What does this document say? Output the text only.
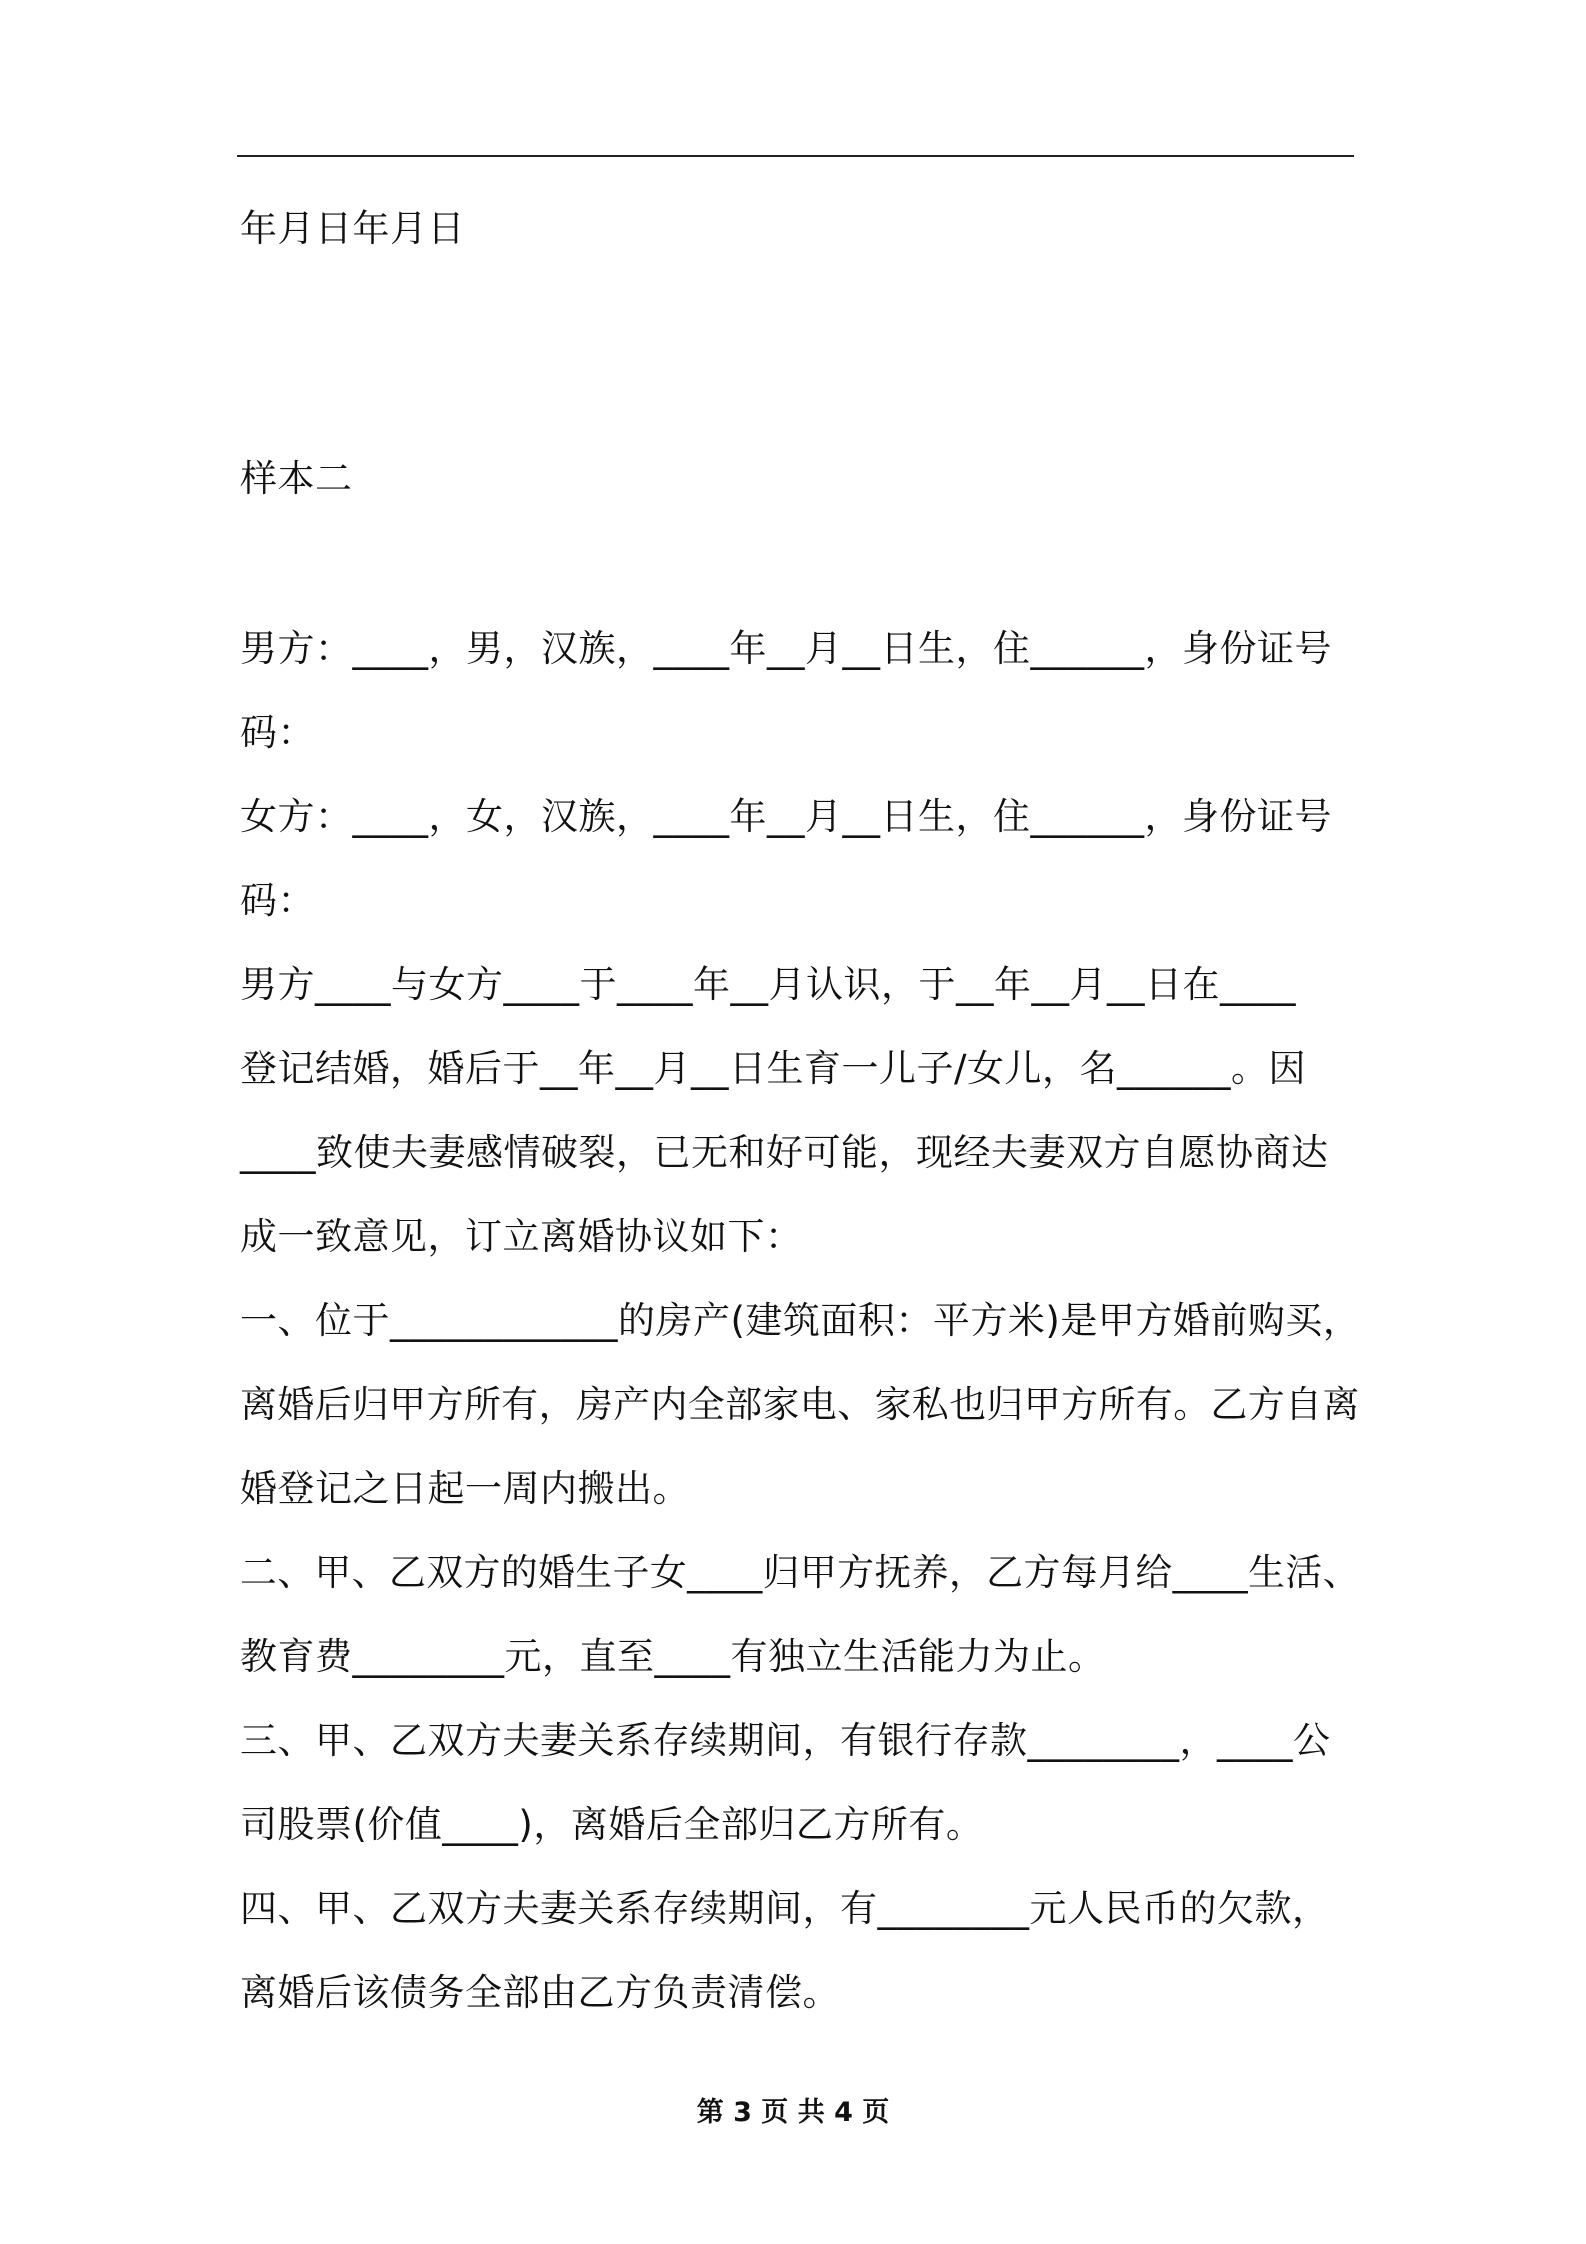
年月日年月日
样本二
男方：____，男，汉族，____年__月__日生，住______，身份证号
码：
女方：____，女，汉族，____年__月__日生，住______，身份证号
码：
男方____与女方____于____年__月认识，于__年__月__日在____
登记结婚，婚后于__年__月__日生育一儿子/女儿，名______。因
____致使夫妻感情破裂，已无和好可能，现经夫妻双方自愿协商达
成一致意见，订立离婚协议如下：
一、位于____________的房产(建筑面积：平方米)是甲方婚前购买，
离婚后归甲方所有，房产内全部家电、家私也归甲方所有。乙方自离
婚登记之日起一周内搬出。
二、甲、乙双方的婚生子女____归甲方抚养，乙方每月给____生活、
教育费________元，直至____有独立生活能力为止。
三、甲、乙双方夫妻关系存续期间，有银行存款________，____公
司股票(价值____)，离婚后全部归乙方所有。
四、甲、乙双方夫妻关系存续期间，有________元人民币的欠款，
离婚后该债务全部由乙方负责清偿。
第 3 页 共 4 页
